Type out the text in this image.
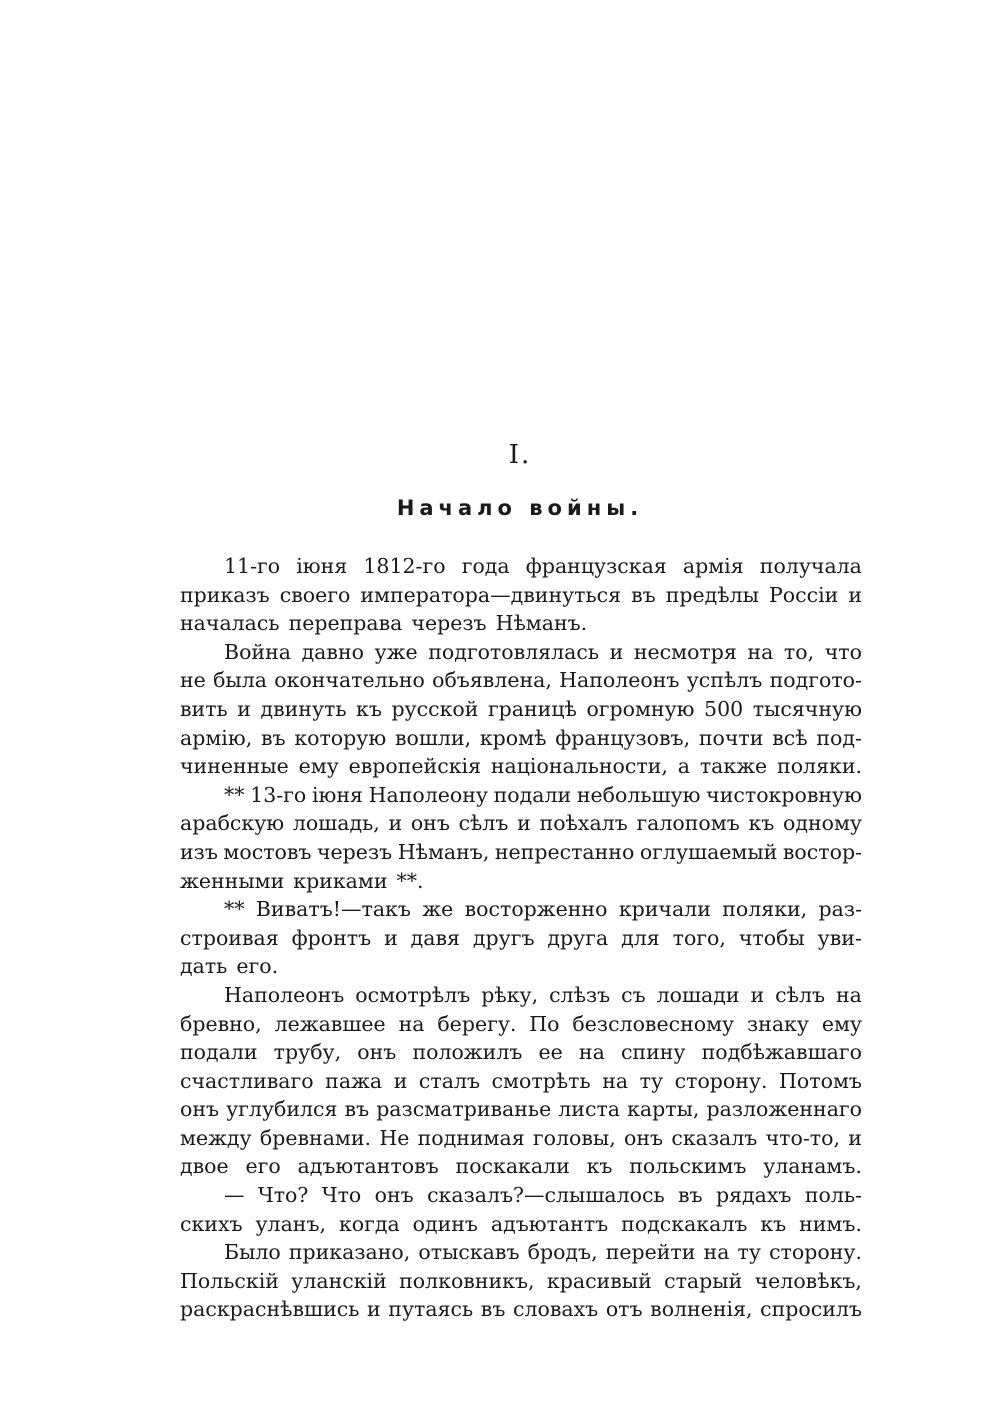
I.
Начало войны.
11-го іюня 1812-го года французская армія получала
приказъ своего императора—двинуться въ предѣлы Россіи и
началась переправа черезъ Нѣманъ.
Война давно уже подготовлялась и несмотря на то, что
не была окончательно объявлена, Наполеонъ успѣлъ подгото-
вить и двинуть къ русской границѣ огромную 500 тысячную
армію, въ которую вошли, кромѣ французовъ, почти всѣ под-
чиненные ему европейскія національности, а также поляки.
** 13-го іюня Наполеону подали небольшую чистокровную
арабскую лошадь, и онъ сѣлъ и поѣхалъ галопомъ къ одному
изъ мостовъ черезъ Нѣманъ, непрестанно оглушаемый востор-
женными криками **.
** Виватъ!—такъ же восторженно кричали поляки, раз-
строивая фронтъ и давя другъ друга для того, чтобы уви-
дать его.
Наполеонъ осмотрѣлъ рѣку, слѣзъ съ лошади и сѣлъ на
бревно, лежавшее на берегу. По безсловесному знаку ему
подали трубу, онъ положилъ ее на спину подбѣжавшаго
счастливаго пажа и сталъ смотрѣть на ту сторону. Потомъ
онъ углубился въ разсматриванье листа карты, разложеннаго
между бревнами. Не поднимая головы, онъ сказалъ что-то, и
двое его адъютантовъ поскакали къ польскимъ уланамъ.
— Что? Что онъ сказалъ?—слышалось въ рядахъ поль-
скихъ уланъ, когда одинъ адъютантъ подскакалъ къ нимъ.
Было приказано, отыскавъ бродъ, перейти на ту сторону.
Польскій уланскій полковникъ, красивый старый человѣкъ,
раскраснѣвшись и путаясь въ словахъ отъ волненія, спросилъ
